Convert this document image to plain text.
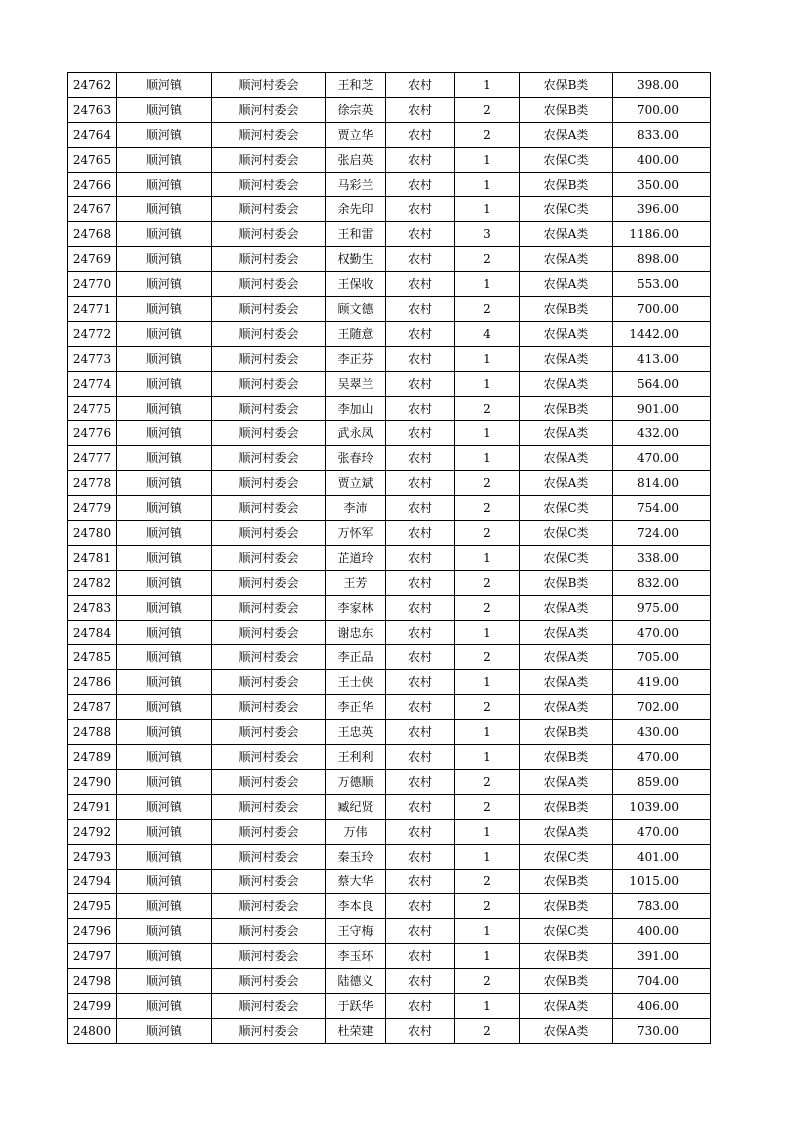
24762	顺河镇	顺河村委会	王和芝	农村	1	农保B类	398.00
24763	顺河镇	顺河村委会	徐宗英	农村	2	农保B类	700.00
24764	顺河镇	顺河村委会	贾立华	农村	2	农保A类	833.00
24765	顺河镇	顺河村委会	张启英	农村	1	农保C类	400.00
24766	顺河镇	顺河村委会	马彩兰	农村	1	农保B类	350.00
24767	顺河镇	顺河村委会	余先印	农村	1	农保C类	396.00
24768	顺河镇	顺河村委会	王和雷	农村	3	农保A类	1186.00
24769	顺河镇	顺河村委会	权勤生	农村	2	农保A类	898.00
24770	顺河镇	顺河村委会	王保收	农村	1	农保A类	553.00
24771	顺河镇	顺河村委会	顾文德	农村	2	农保B类	700.00
24772	顺河镇	顺河村委会	王随意	农村	4	农保A类	1442.00
24773	顺河镇	顺河村委会	李正芬	农村	1	农保A类	413.00
24774	顺河镇	顺河村委会	吴翠兰	农村	1	农保A类	564.00
24775	顺河镇	顺河村委会	李加山	农村	2	农保B类	901.00
24776	顺河镇	顺河村委会	武永凤	农村	1	农保A类	432.00
24777	顺河镇	顺河村委会	张春玲	农村	1	农保A类	470.00
24778	顺河镇	顺河村委会	贾立斌	农村	2	农保A类	814.00
24779	顺河镇	顺河村委会	李沛	农村	2	农保C类	754.00
24780	顺河镇	顺河村委会	万怀军	农村	2	农保C类	724.00
24781	顺河镇	顺河村委会	芷道玲	农村	1	农保C类	338.00
24782	顺河镇	顺河村委会	王芳	农村	2	农保B类	832.00
24783	顺河镇	顺河村委会	李家林	农村	2	农保A类	975.00
24784	顺河镇	顺河村委会	谢忠东	农村	1	农保A类	470.00
24785	顺河镇	顺河村委会	李正品	农村	2	农保A类	705.00
24786	顺河镇	顺河村委会	王士侠	农村	1	农保A类	419.00
24787	顺河镇	顺河村委会	李正华	农村	2	农保A类	702.00
24788	顺河镇	顺河村委会	王忠英	农村	1	农保B类	430.00
24789	顺河镇	顺河村委会	王利利	农村	1	农保B类	470.00
24790	顺河镇	顺河村委会	万德顺	农村	2	农保A类	859.00
24791	顺河镇	顺河村委会	臧纪贤	农村	2	农保B类	1039.00
24792	顺河镇	顺河村委会	万伟	农村	1	农保A类	470.00
24793	顺河镇	顺河村委会	秦玉玲	农村	1	农保C类	401.00
24794	顺河镇	顺河村委会	蔡大华	农村	2	农保B类	1015.00
24795	顺河镇	顺河村委会	李本良	农村	2	农保B类	783.00
24796	顺河镇	顺河村委会	王守梅	农村	1	农保C类	400.00
24797	顺河镇	顺河村委会	李玉环	农村	1	农保B类	391.00
24798	顺河镇	顺河村委会	陆德义	农村	2	农保B类	704.00
24799	顺河镇	顺河村委会	于跃华	农村	1	农保A类	406.00
24800	顺河镇	顺河村委会	杜荣建	农村	2	农保A类	730.00
